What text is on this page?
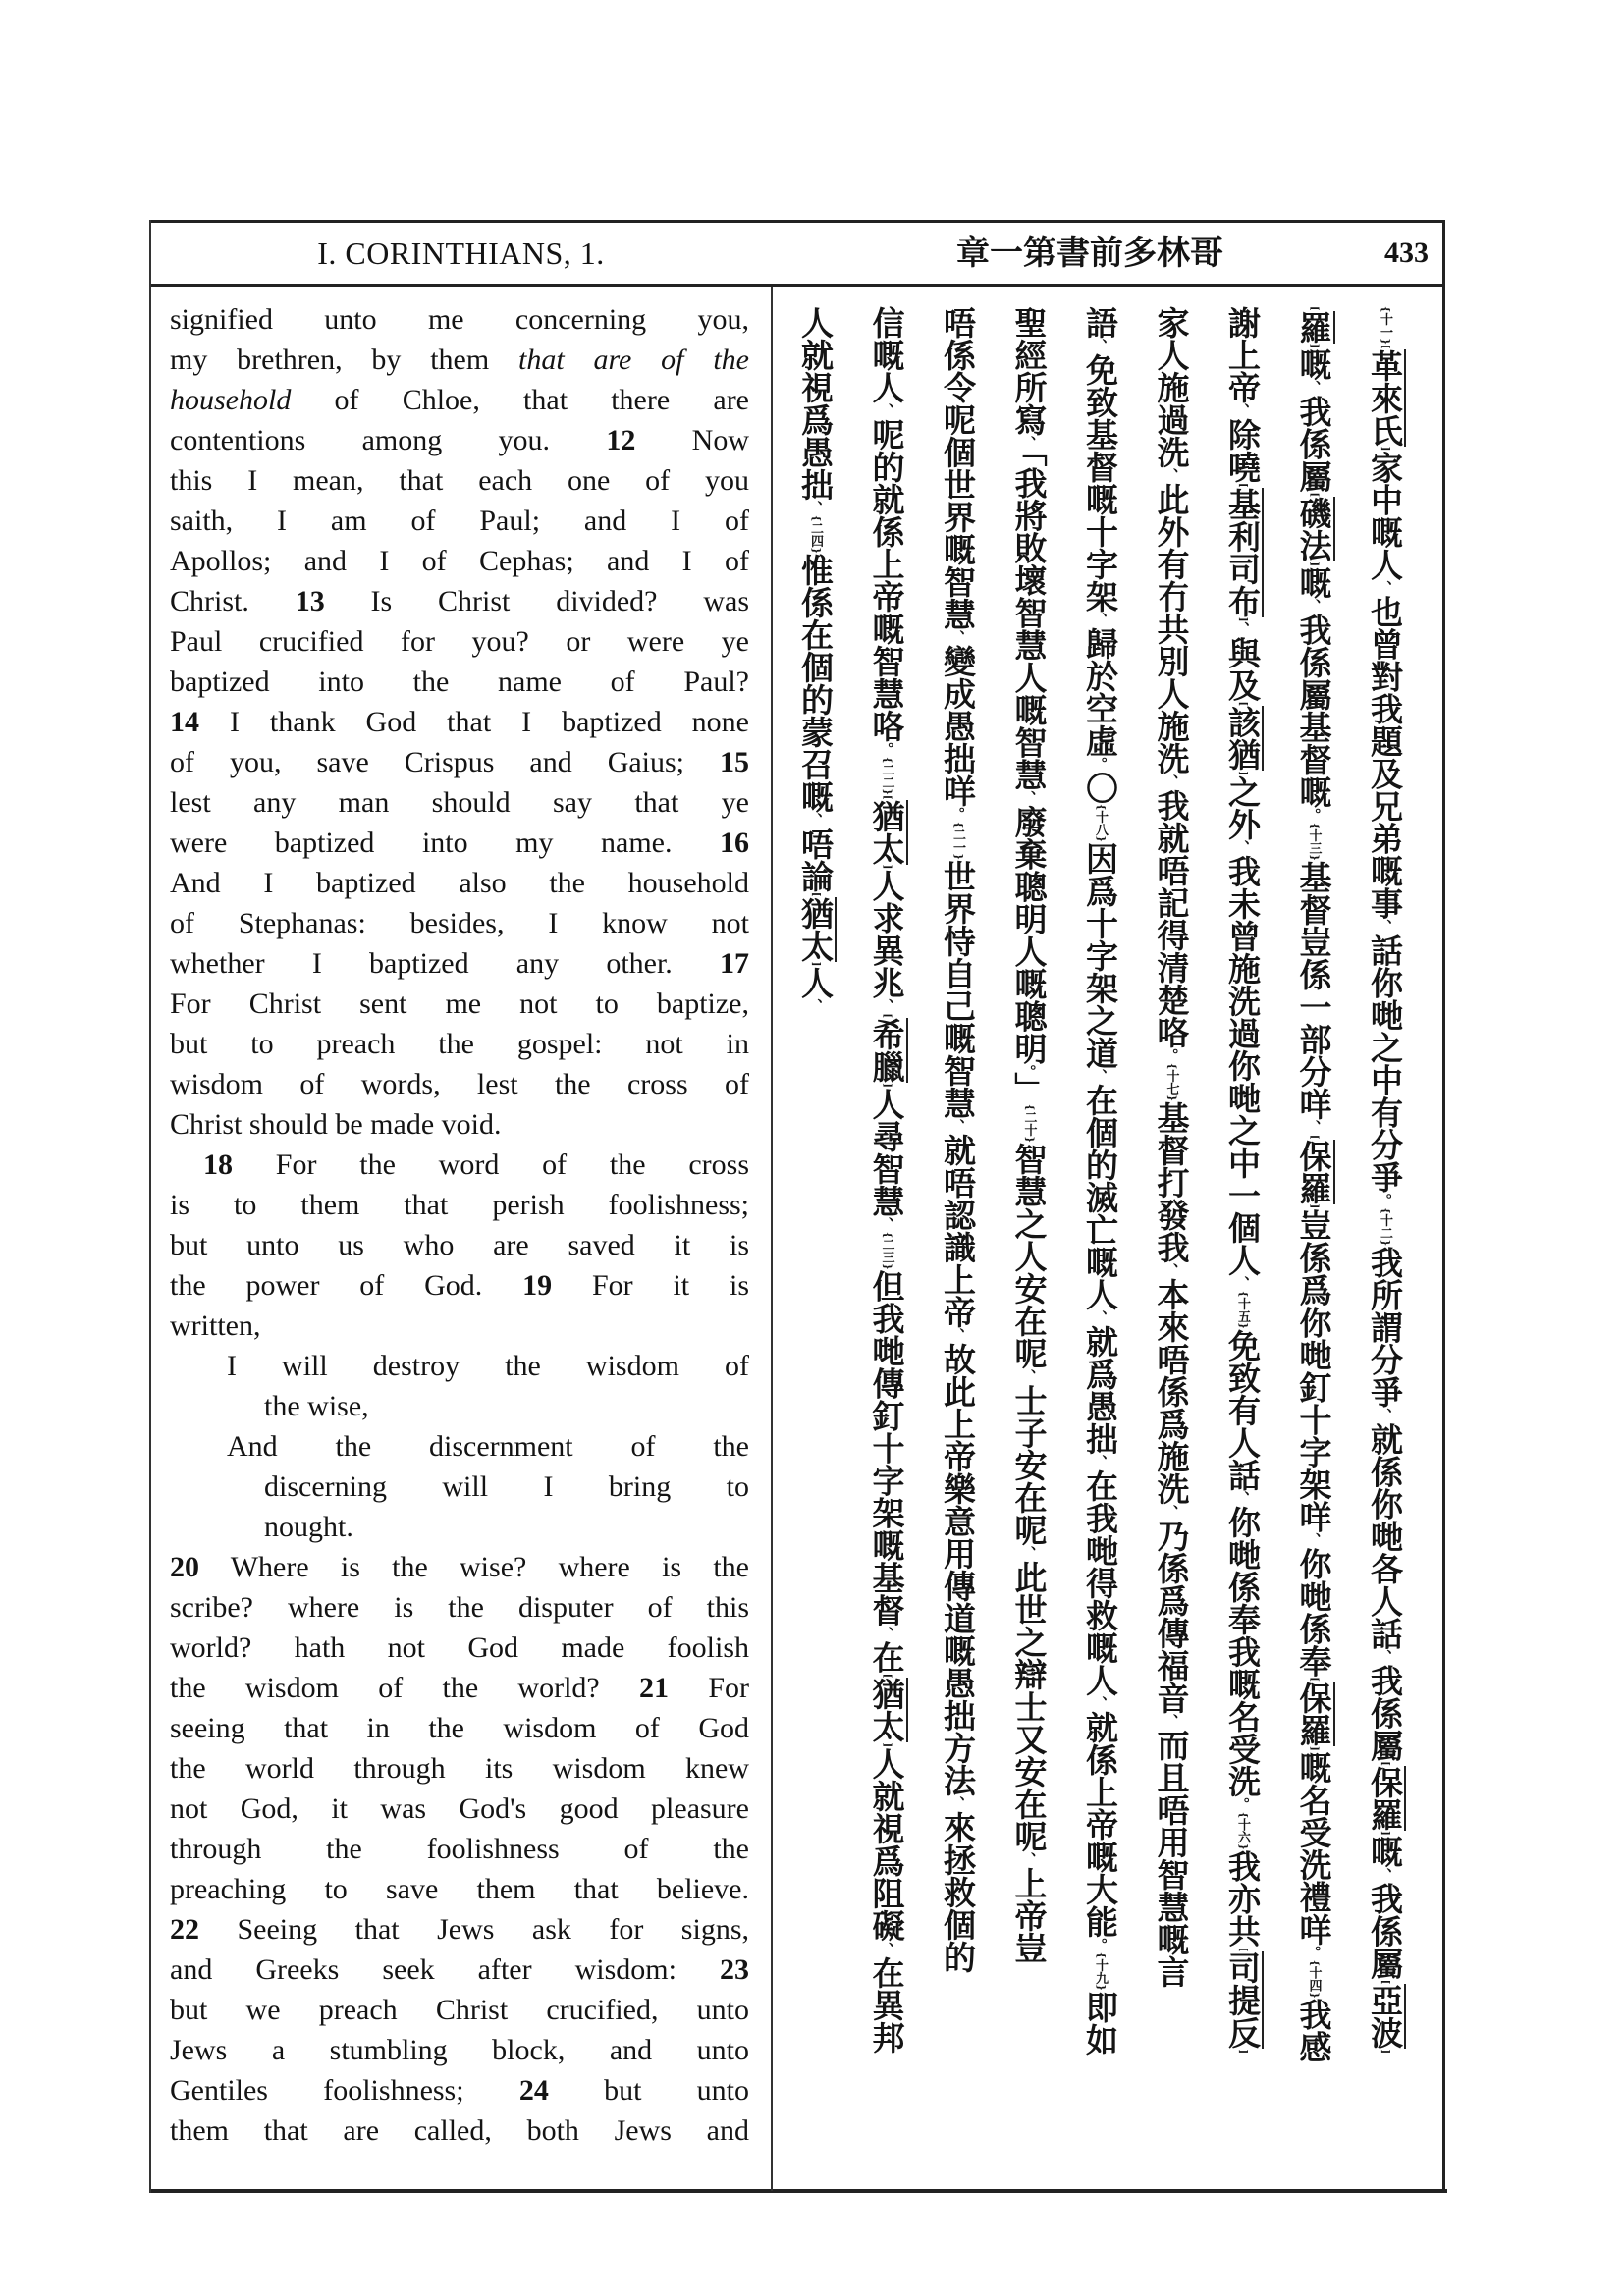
I. CORINTHIANS, 1.	哥林多前書第一章	433
signified unto me concerning you,
my brethren, by them that are of the
household of Chloe, that there are
contentions among you. 12 Now
this I mean, that each one of you
saith, I am of Paul; and I of
Apollos; and I of Cephas; and I of
Christ. 13 Is Christ divided? was
Paul crucified for you? or were ye
baptized into the name of Paul?
14 I thank God that I baptized none
of you, save Crispus and Gaius; 15
lest any man should say that ye
were baptized into my name. 16
And I baptized also the household
of Stephanas: besides, I know not
whether I baptized any other. 17
For Christ sent me not to baptize,
but to preach the gospel: not in
wisdom of words, lest the cross of
Christ should be made void.
18 For the word of the cross
is to them that perish foolishness;
but unto us who are saved it is
the power of God. 19 For it is
written,
I will destroy the wisdom of
the wise,
And the discernment of the
discerning will I bring to
nought.
20 Where is the wise? where is the
scribe? where is the disputer of this
world? hath not God made foolish
the wisdom of the world? 21 For
seeing that in the wisdom of God
the world through its wisdom knew
not God, it was God's good pleasure
through the foolishness of the
preaching to save them that believe.
22 Seeing that Jews ask for signs,
and Greeks seek after wisdom: 23
but we preach Christ crucified, unto
Jews a stumbling block, and unto
Gentiles foolishness; 24 but unto
them that are called, both Jews and
{十一}[革來氏]家中嘅人、也曾對我題及兄弟嘅事、話你哋之中有分爭。{十二}我所謂分爭、就係你哋各人話、我係屬[保羅]嘅、我係屬[亞波]
[羅]嘅、我係屬[磯法]嘅、我係屬基督嘅。{十三}基督豈係一部分咩、[保羅]豈係爲你哋釘十字架咩、你哋係奉[保羅]嘅名受洗禮咩。{十四}我感
謝上帝、除嘵[基利司布]、與及[該猶]之外、我未曾施洗過你哋之中一個人、{十五}免致有人話、你哋係奉我嘅名受洗。{十六}我亦共[司提反]
家人施過洗、此外有冇共別人施洗、我就唔記得清楚咯。{十七}基督打發我、本來唔係爲施洗、乃係爲傳福音、而且唔用智慧嘅言
語、免致基督嘅十字架、歸於空虛。〇{十八}因爲十字架之道、在個的滅亡嘅人、就爲愚拙、在我哋得救嘅人、就係上帝嘅大能。{十九}即如
聖經所寫、「我將敗壞智慧人嘅智慧、廢棄聰明人嘅聰明。」{二十}智慧之人安在呢、士子安在呢、此世之辯士又安在呢、上帝豈
唔係令呢個世界嘅智慧、變成愚拙咩。{二一}世界恃自己嘅智慧、就唔認識上帝、故此上帝樂意用傳道嘅愚拙方法、來拯救個的
信嘅人、呢的就係上帝嘅智慧咯。{二二}[猶太]人求異兆、[希臘]人尋智慧、{二三}但我哋傳釘十字架嘅基督、在[猶太]人就視爲阻礙、在異邦
人就視爲愚拙、{二四}惟係在個的蒙召嘅、唔論[猶太]人、
